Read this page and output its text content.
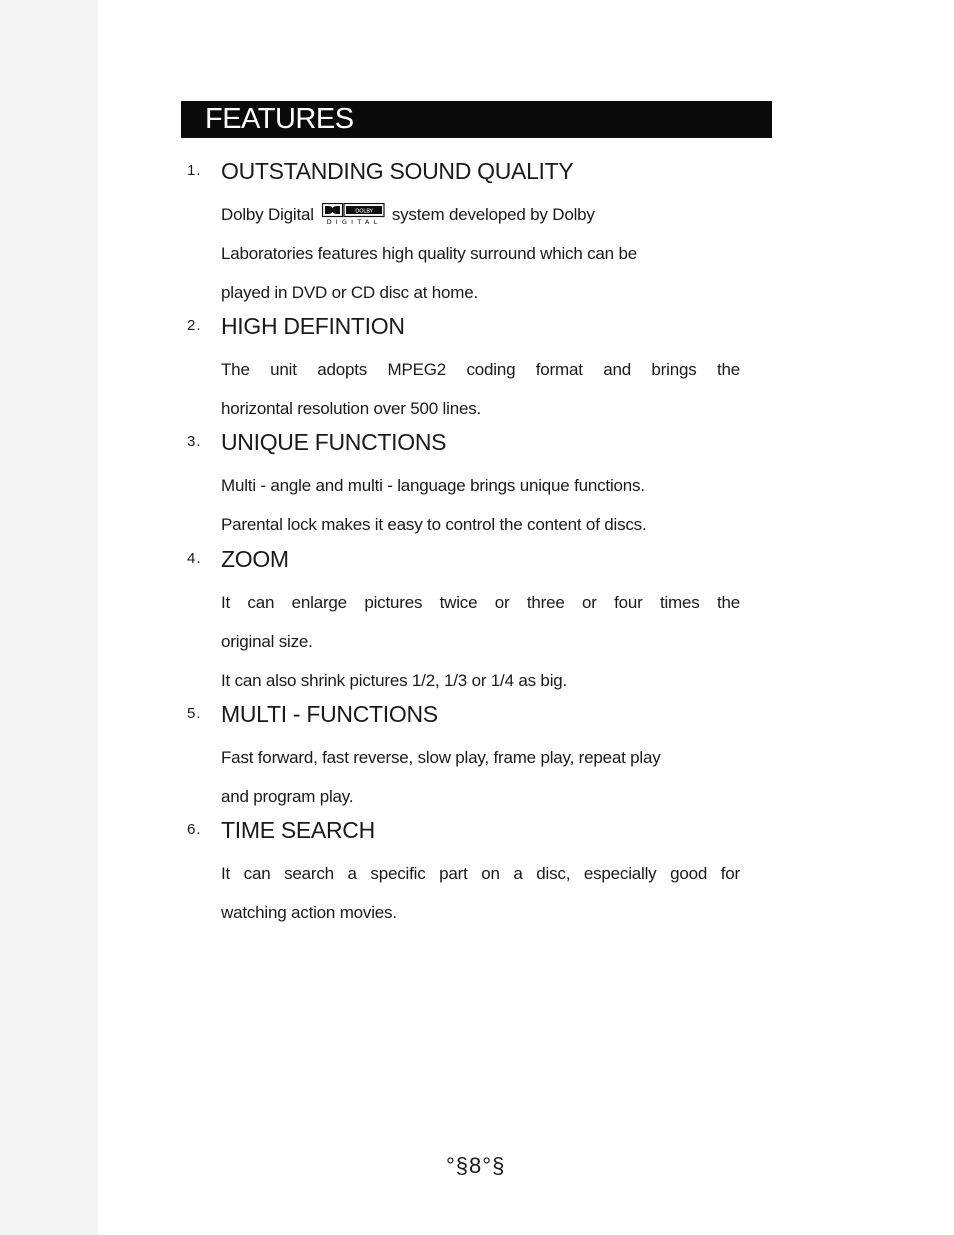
FEATURES
1. OUTSTANDING SOUND QUALITY
Dolby Digital	DOLBY
DIGITAL system developed by Dolby
Laboratories features high quality surround which can be
played in DVD or CD disc at home.
2. HIGH DEFINTION
The unit adopts MPEG2 coding format and brings the
horizontal resolution over 500 lines.
3. UNIQUE FUNCTIONS
Multi - angle and multi - language brings unique functions.
Parental lock makes it easy to control the content of discs.
4. ZOOM
It can enlarge pictures twice or three or four times the
original size.
It can also shrink pictures 1/2, 1/3 or 1/4 as big.
5. MULTI - FUNCTIONS
Fast forward, fast reverse, slow play, frame play, repeat play
and program play.
6. TIME SEARCH
It can search a specific part on a disc, especially good for
watching action movies.
°§8°§
